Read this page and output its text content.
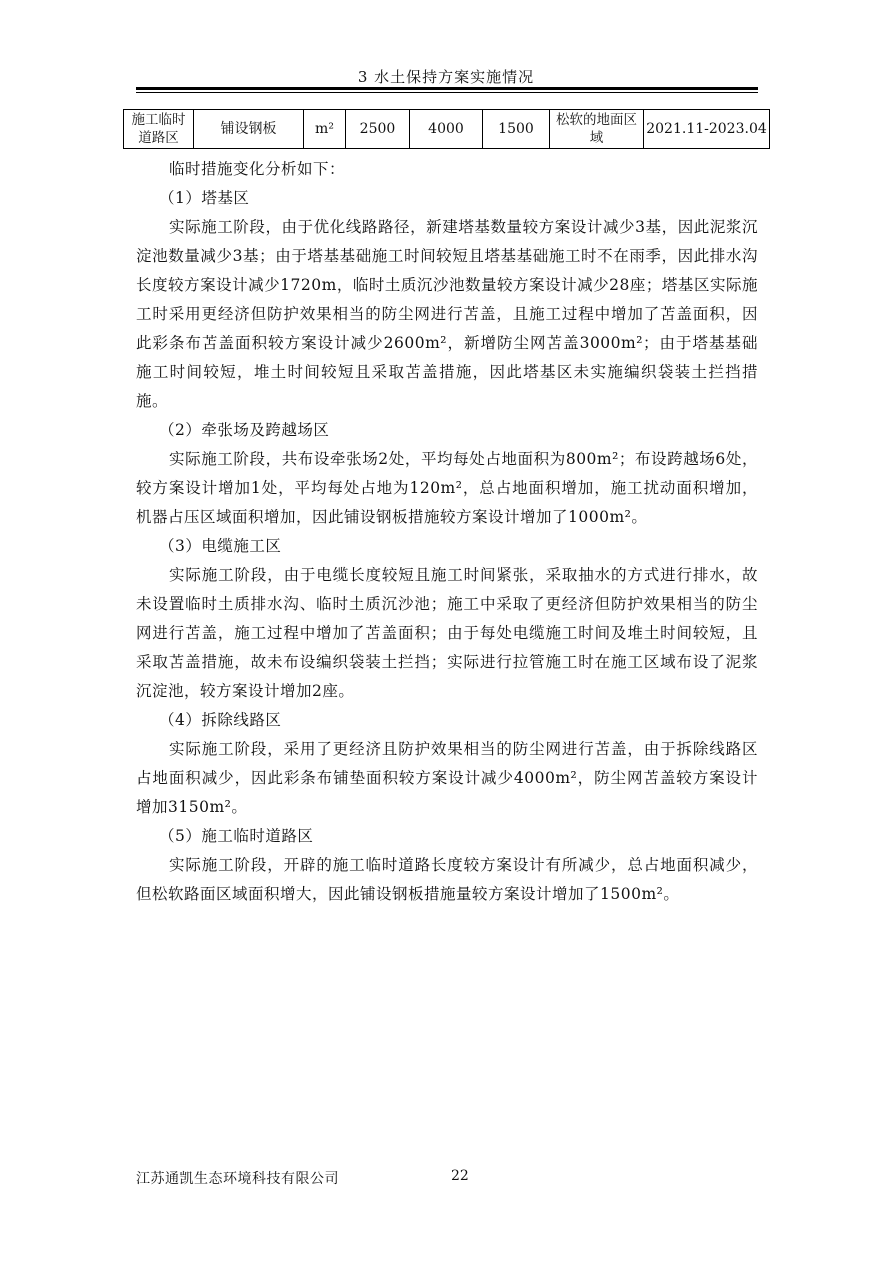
3 水土保持方案实施情况
施工临时道路区	铺设钢板	m²	2500	4000	1500	松软的地面区域	2021.11-2023.04

临时措施变化分析如下：

（1）塔基区

实际施工阶段，由于优化线路路径，新建塔基数量较方案设计减少3基，因此泥浆沉淀池数量减少3基；由于塔基基础施工时间较短且塔基基础施工时不在雨季，因此排水沟长度较方案设计减少1720m，临时土质沉沙池数量较方案设计减少28座；塔基区实际施工时采用更经济但防护效果相当的防尘网进行苫盖，且施工过程中增加了苫盖面积，因此彩条布苫盖面积较方案设计减少2600m²，新增防尘网苫盖3000m²；由于塔基基础施工时间较短，堆土时间较短且采取苫盖措施，因此塔基区未实施编织袋装土拦挡措施。

（2）牵张场及跨越场区

实际施工阶段，共布设牵张场2处，平均每处占地面积为800m²；布设跨越场6处，较方案设计增加1处，平均每处占地为120m²，总占地面积增加，施工扰动面积增加，机器占压区域面积增加，因此铺设钢板措施较方案设计增加了1000m²。

（3）电缆施工区

实际施工阶段，由于电缆长度较短且施工时间紧张，采取抽水的方式进行排水，故未设置临时土质排水沟、临时土质沉沙池；施工中采取了更经济但防护效果相当的防尘网进行苫盖，施工过程中增加了苫盖面积；由于每处电缆施工时间及堆土时间较短，且采取苫盖措施，故未布设编织袋装土拦挡；实际进行拉管施工时在施工区域布设了泥浆沉淀池，较方案设计增加2座。

（4）拆除线路区

实际施工阶段，采用了更经济且防护效果相当的防尘网进行苫盖，由于拆除线路区占地面积减少，因此彩条布铺垫面积较方案设计减少4000m²，防尘网苫盖较方案设计增加3150m²。

（5）施工临时道路区

实际施工阶段，开辟的施工临时道路长度较方案设计有所减少，总占地面积减少，但松软路面区域面积增大，因此铺设钢板措施量较方案设计增加了1500m²。

江苏通凯生态环境科技有限公司	22
